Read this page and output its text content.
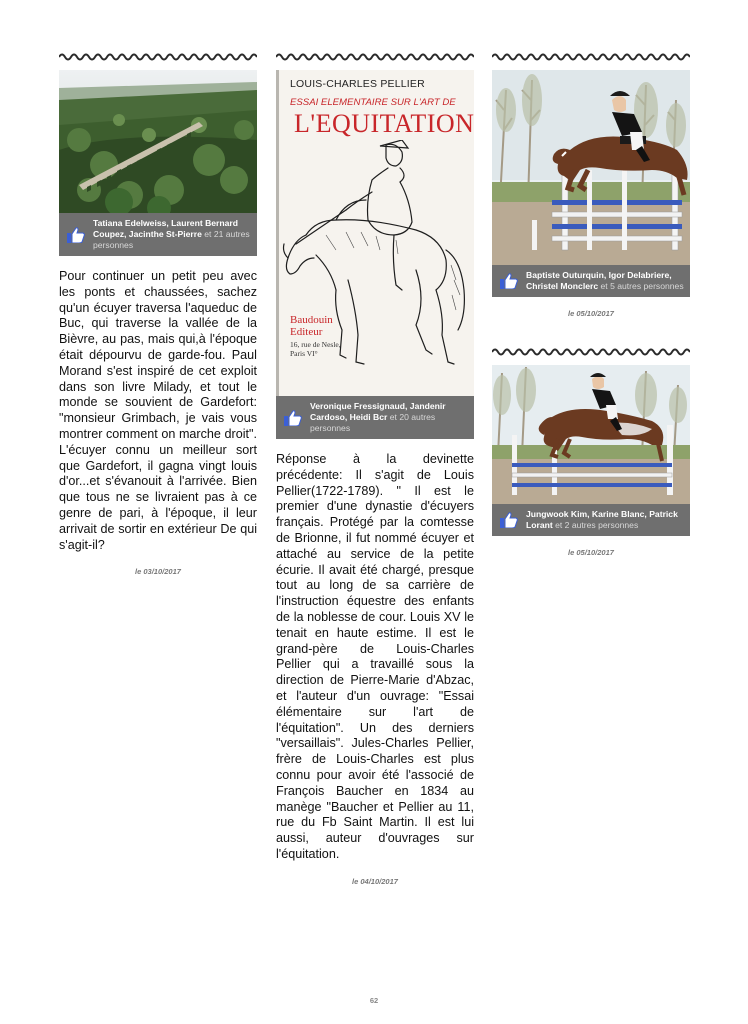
Tatiana Edelweiss, Laurent Bernard Coupez, Jacinthe St-Pierre et 21 autres personnes

Pour continuer un petit peu avec les ponts et chaussées, sachez qu'un écuyer traversa l'aqueduc de Buc, qui traverse la vallée de la Bièvre, au pas, mais qui,à l'époque était dépourvu de garde-fou. Paul Morand s'est inspiré de cet exploit dans son livre Milady, et tout le monde se souvient de Gardefort: "monsieur Grimbach, je vais vous montrer comment on marche droit". L'écuyer connu un meilleur sort que Gardefort, il gagna vingt louis d'or...et s'évanouit à l'arrivée. Bien que tous ne se livraient pas à ce genre de pari, à l'époque, il leur arrivait de sortir en extérieur De qui s'agit-il?

le 03/10/2017
LOUIS-CHARLES PELLIER
ESSAI ELEMENTAIRE SUR L'ART DE
L'EQUITATION
Baudouin
Editeur
16, rue de Nesle,
Paris VI°
Veronique Fressignaud, Jandenir Cardoso, Heidi Bcr et 20 autres personnes

Réponse à la devinette précédente: Il s'agit de Louis Pellier(1722-1789). " Il est le premier d'une dynastie d'écuyers français. Protégé par la comtesse de Brionne, il fut nommé écuyer et attaché au service de la petite écurie. Il avait été chargé, presque tout au long de sa carrière de l'instruction équestre des enfants de la noblesse de cour. Louis XV le tenait en haute estime. Il est le grand-père de Louis-Charles Pellier qui a travaillé sous la direction de Pierre-Marie d'Abzac, et l'auteur d'un ouvrage: "Essai élémentaire sur l'art de l'équitation". Un des derniers "versaillais". Jules-Charles Pellier, frère de Louis-Charles est plus connu pour avoir été l'associé de François Baucher en 1834 au manège "Baucher et Pellier au 11, rue du Fb Saint Martin. Il est lui aussi, auteur d'ouvrages sur l'équitation.

le 04/10/2017
Baptiste Outurquin, Igor Delabriere, Christel Monclerc et 5 autres personnes
le 05/10/2017
Jungwook Kim, Karine Blanc, Patrick Lorant et 2 autres personnes
le 05/10/2017
62
